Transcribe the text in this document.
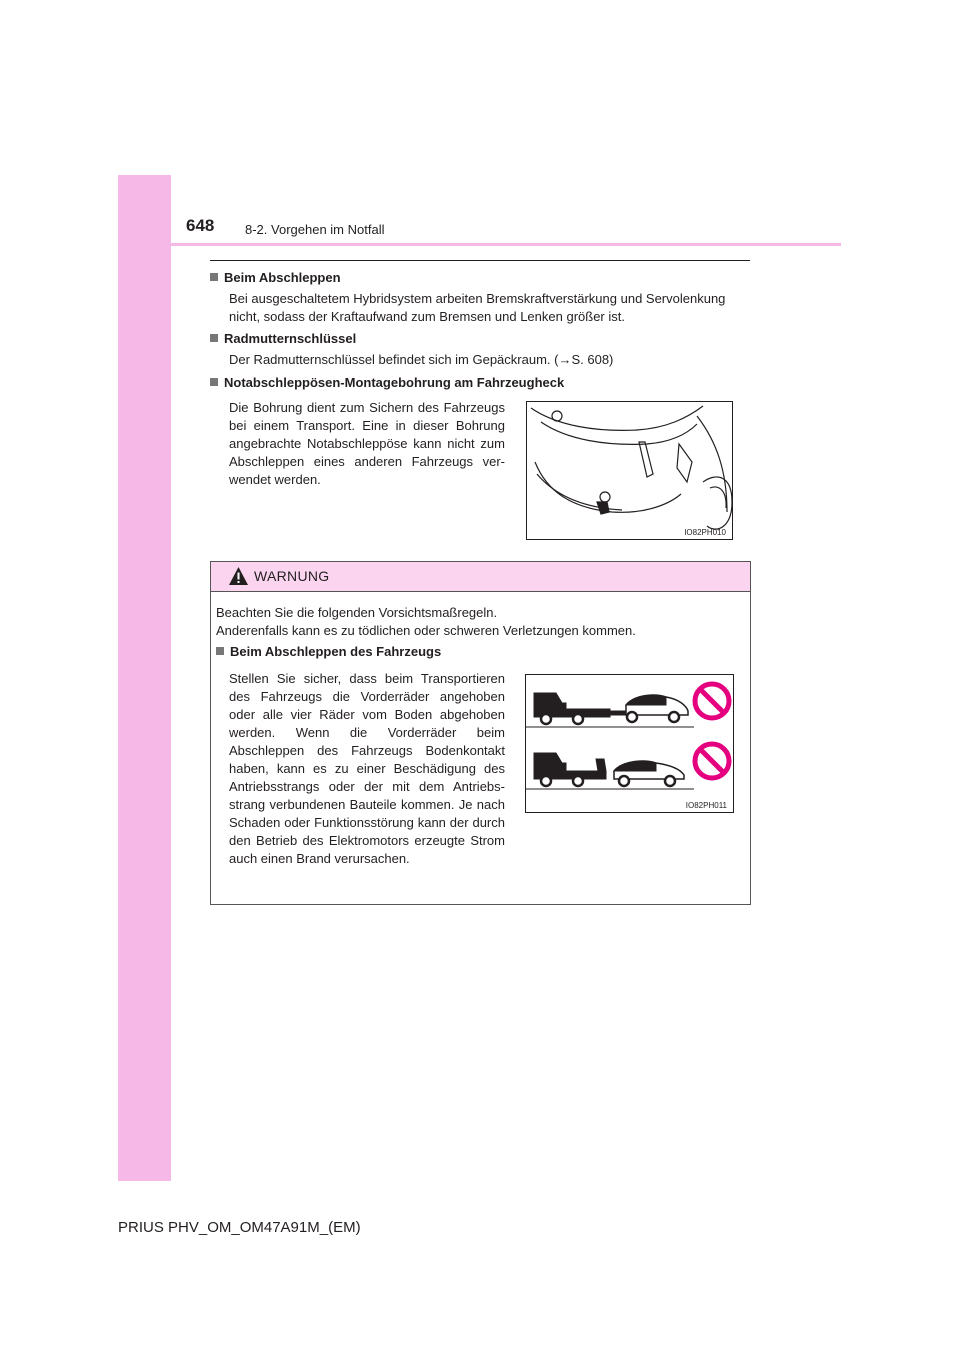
648 8-2. Vorgehen im Notfall
Beim Abschleppen
Bei ausgeschaltetem Hybridsystem arbeiten Bremskraftverstärkung und Servolenkung
nicht, sodass der Kraftaufwand zum Bremsen und Lenken größer ist.
Radmutternschlüssel
Der Radmutternschlüssel befindet sich im Gepäckraum. (→S. 608)
Notabschleppösen-Montagebohrung am Fahrzeugheck
Die Bohrung dient zum Sichern des Fahrzeugs bei einem Transport. Eine in dieser Bohrung angebrachte Notabschleppöse kann nicht zum Abschleppen eines anderen Fahrzeugs verwendet werden.
IO82PH010
WARNUNG
Beachten Sie die folgenden Vorsichtsmaßregeln.
Anderenfalls kann es zu tödlichen oder schweren Verletzungen kommen.
Beim Abschleppen des Fahrzeugs
Stellen Sie sicher, dass beim Transportieren des Fahrzeugs die Vorderräder angehoben oder alle vier Räder vom Boden abgehoben werden. Wenn die Vorderräder beim Abschleppen des Fahrzeugs Bodenkontakt haben, kann es zu einer Beschädigung des Antriebsstrangs oder der mit dem Antriebsstrang verbundenen Bauteile kommen. Je nach Schaden oder Funktionsstörung kann der durch den Betrieb des Elektromotors erzeugte Strom auch einen Brand verursachen.
IO82PH011
PRIUS PHV_OM_OM47A91M_(EM)
